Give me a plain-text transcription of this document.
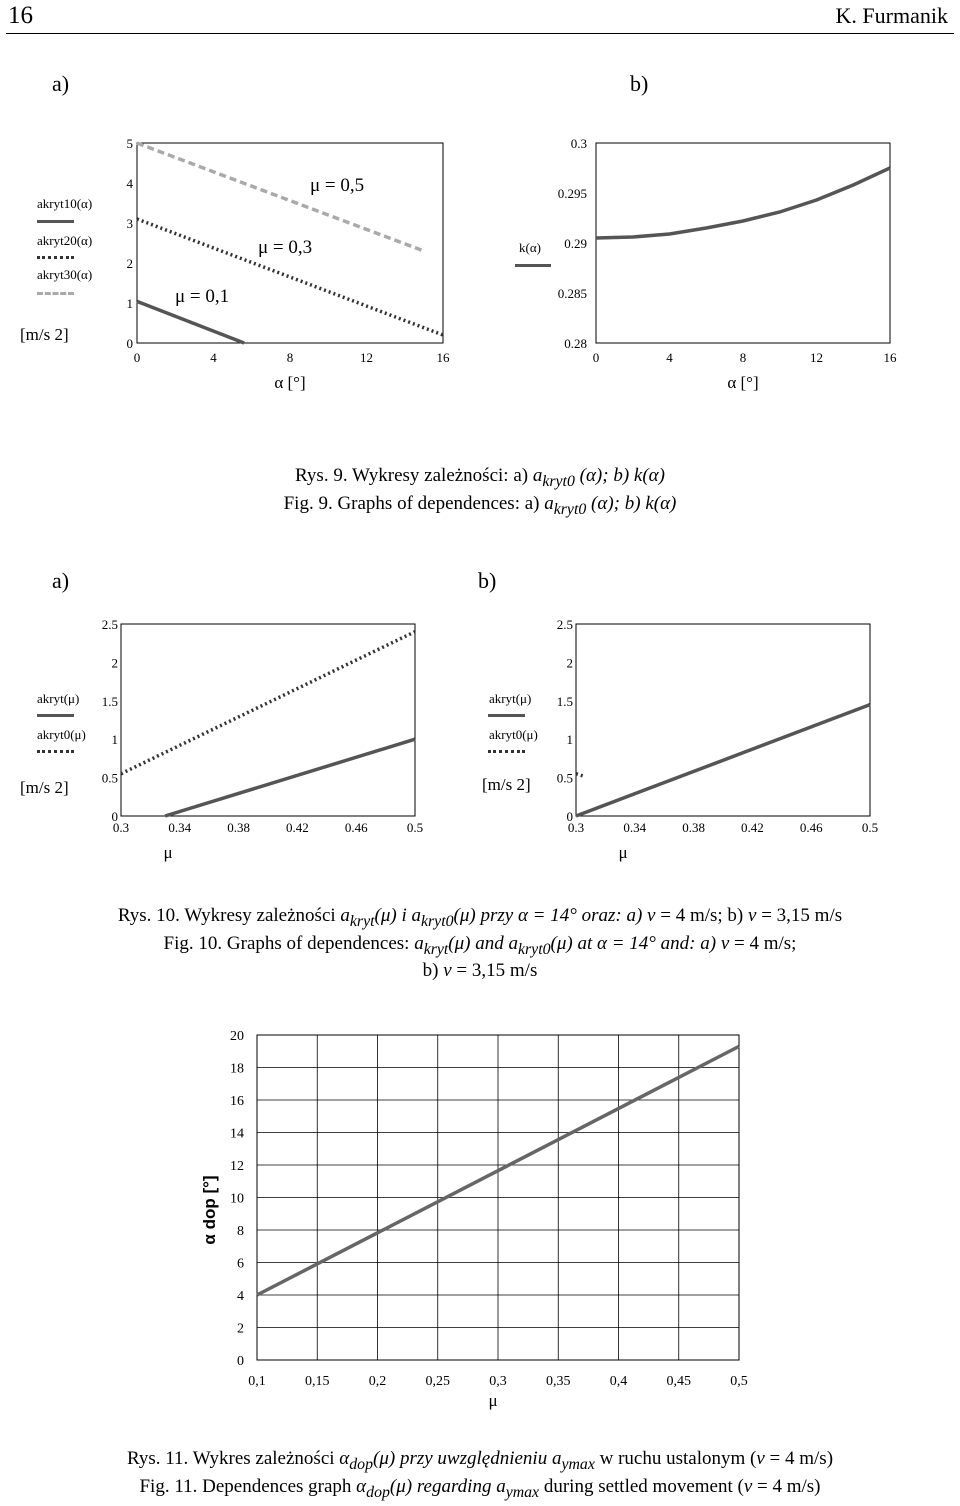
16	K. Furmanik
a)	b)
akryt10(α)
akryt20(α)
akryt30(α)
[m/s 2]
k(α)
Rys. 9. Wykresy zależności: a) $a_{kryt0}$ (α); b) k(α)
Fig. 9. Graphs of dependences: a) $a_{kryt0}$ (α); b) k(α)
a)	b)
akryt(μ)
akryt0(μ)
[m/s 2]
akryt(μ)
akryt0(μ)
[m/s 2]
Rys. 10. Wykresy zależności $a_{kryt}(\mu)$ i $a_{kryt0}(\mu)$ przy α = 14° oraz: a) v = 4 m/s; b) v = 3,15 m/s
Fig. 10. Graphs of dependences: $a_{kryt}(\mu)$ and $a_{kryt0}(\mu)$ at α = 14° and: a) v = 4 m/s;
b) v = 3,15 m/s
α dop [°]
Rys. 11. Wykres zależności $\alpha_{dop}(\mu)$ przy uwzględnieniu $a_{ymax}$ w ruchu ustalonym (v = 4 m/s)
Fig. 11. Dependences graph $\alpha_{dop}(\mu)$ regarding $a_{ymax}$ during settled movement (v = 4 m/s)
0
1
2
3
4
5
0	4	8	12	16
α [°]
μ = 0,5
μ = 0,3
μ = 0,1
0.28
0.285
0.29
0.295
0.3
0	4	8	12	16
α [°]
0
0.5
1
1.5
2
2.5
0.3	0.34	0.38	0.42	0.46	0.5
μ
0
0.5
1
1.5
2
2.5
0.3	0.34	0.38	0.42	0.46	0.5
μ
0
2
4
6
8
10
12
14
16
18
20
0,1	0,15	0,2	0,25	0,3	0,35	0,4	0,45	0,5
μ
